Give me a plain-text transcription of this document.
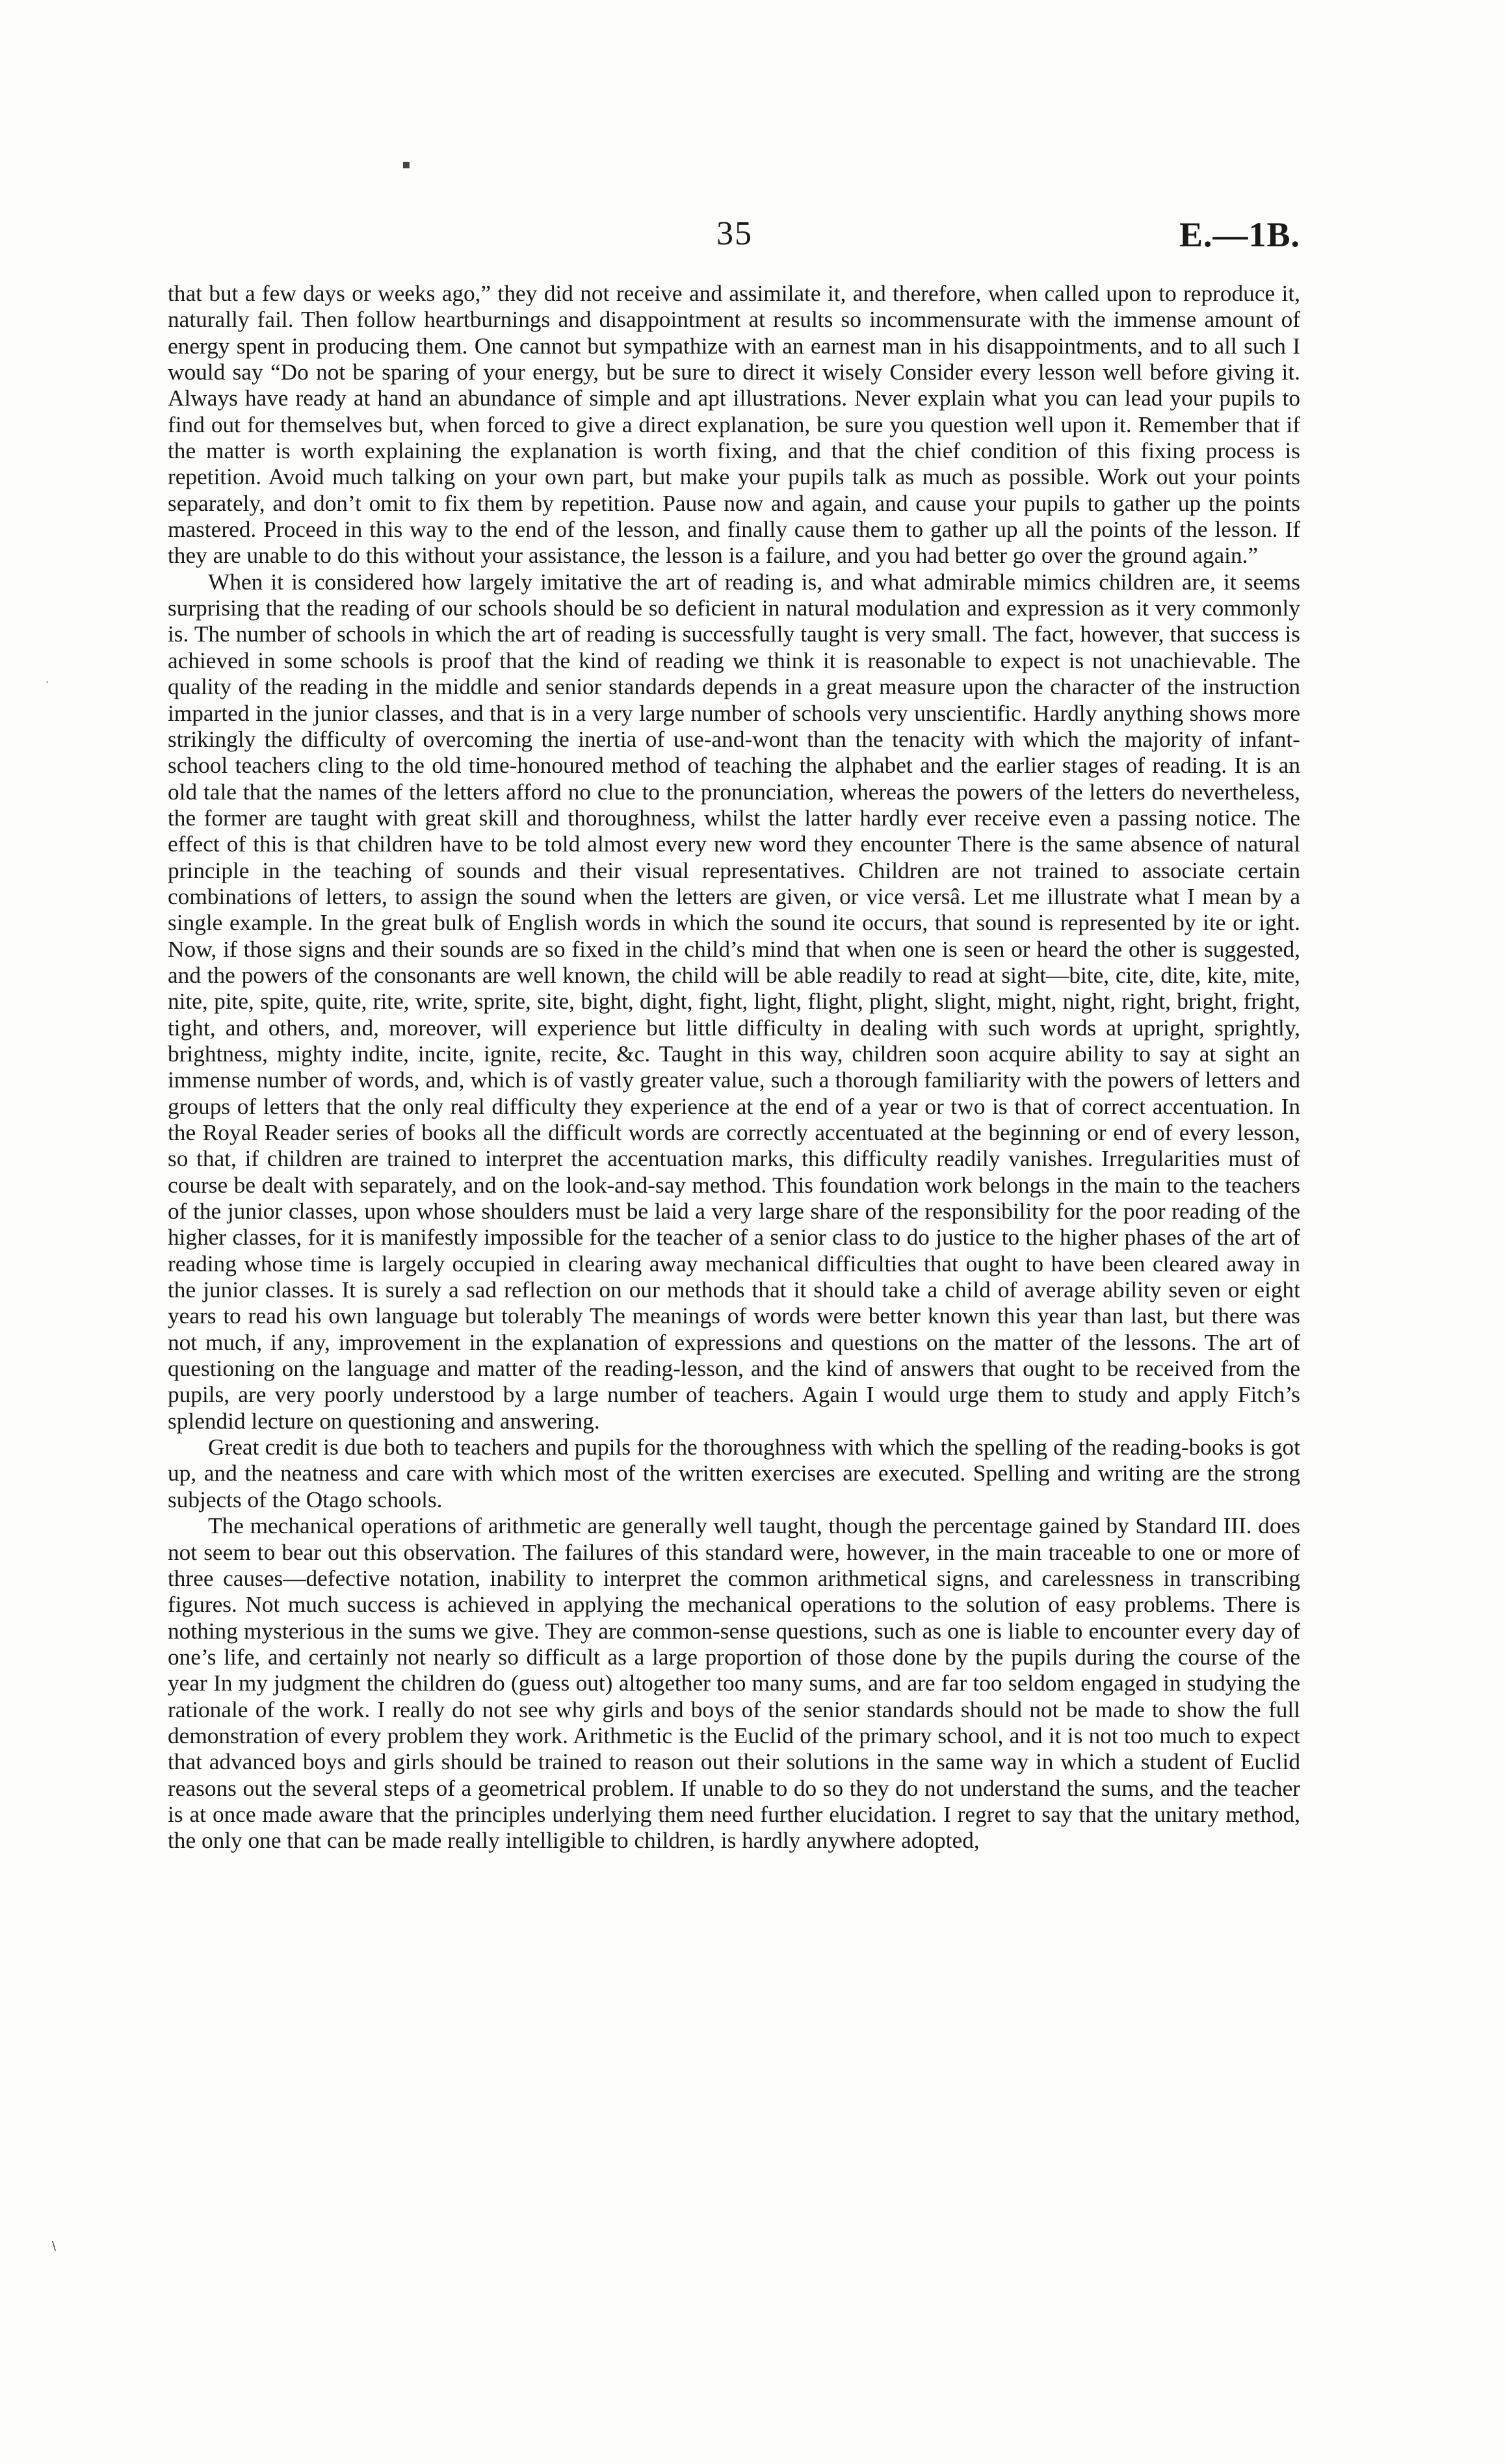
▪
·
\
35	E.—1B.

that but a few days or weeks ago,” they did not receive and assimilate it, and therefore, when called upon to reproduce it, naturally fail. Then follow heartburnings and disappointment at results so incommensurate with the immense amount of energy spent in producing them. One cannot but sympathize with an earnest man in his disappointments, and to all such I would say “Do not be sparing of your energy, but be sure to direct it wisely Consider every lesson well before giving it. Always have ready at hand an abundance of simple and apt illustrations. Never explain what you can lead your pupils to find out for themselves but, when forced to give a direct explanation, be sure you question well upon it. Remember that if the matter is worth explaining the explanation is worth fixing, and that the chief condition of this fixing process is repetition. Avoid much talking on your own part, but make your pupils talk as much as possible. Work out your points separately, and don’t omit to fix them by repetition. Pause now and again, and cause your pupils to gather up the points mastered. Proceed in this way to the end of the lesson, and finally cause them to gather up all the points of the lesson. If they are unable to do this without your assistance, the lesson is a failure, and you had better go over the ground again.”

When it is considered how largely imitative the art of reading is, and what admirable mimics children are, it seems surprising that the reading of our schools should be so deficient in natural modulation and expression as it very commonly is. The number of schools in which the art of reading is successfully taught is very small. The fact, however, that success is achieved in some schools is proof that the kind of reading we think it is reasonable to expect is not unachievable. The quality of the reading in the middle and senior standards depends in a great measure upon the character of the instruction imparted in the junior classes, and that is in a very large number of schools very unscientific. Hardly anything shows more strikingly the difficulty of overcoming the inertia of use-and-wont than the tenacity with which the majority of infant-school teachers cling to the old time-honoured method of teaching the alphabet and the earlier stages of reading. It is an old tale that the names of the letters afford no clue to the pronunciation, whereas the powers of the letters do nevertheless, the former are taught with great skill and thoroughness, whilst the latter hardly ever receive even a passing notice. The effect of this is that children have to be told almost every new word they encounter There is the same absence of natural principle in the teaching of sounds and their visual representatives. Children are not trained to associate certain combinations of letters, to assign the sound when the letters are given, or vice versâ. Let me illustrate what I mean by a single example. In the great bulk of English words in which the sound ite occurs, that sound is represented by ite or ight. Now, if those signs and their sounds are so fixed in the child’s mind that when one is seen or heard the other is suggested, and the powers of the consonants are well known, the child will be able readily to read at sight—bite, cite, dite, kite, mite, nite, pite, spite, quite, rite, write, sprite, site, bight, dight, fight, light, flight, plight, slight, might, night, right, bright, fright, tight, and others, and, moreover, will experience but little difficulty in dealing with such words at upright, sprightly, brightness, mighty indite, incite, ignite, recite, &c. Taught in this way, children soon acquire ability to say at sight an immense number of words, and, which is of vastly greater value, such a thorough familiarity with the powers of letters and groups of letters that the only real difficulty they experience at the end of a year or two is that of correct accentuation. In the Royal Reader series of books all the difficult words are correctly accentuated at the beginning or end of every lesson, so that, if children are trained to interpret the accentuation marks, this difficulty readily vanishes. Irregularities must of course be dealt with separately, and on the look-and-say method. This foundation work belongs in the main to the teachers of the junior classes, upon whose shoulders must be laid a very large share of the responsibility for the poor reading of the higher classes, for it is manifestly impossible for the teacher of a senior class to do justice to the higher phases of the art of reading whose time is largely occupied in clearing away mechanical difficulties that ought to have been cleared away in the junior classes. It is surely a sad reflection on our methods that it should take a child of average ability seven or eight years to read his own language but tolerably The meanings of words were better known this year than last, but there was not much, if any, improvement in the explanation of expressions and questions on the matter of the lessons. The art of questioning on the language and matter of the reading-lesson, and the kind of answers that ought to be received from the pupils, are very poorly understood by a large number of teachers. Again I would urge them to study and apply Fitch’s splendid lecture on questioning and answering.

Great credit is due both to teachers and pupils for the thoroughness with which the spelling of the reading-books is got up, and the neatness and care with which most of the written exercises are executed. Spelling and writing are the strong subjects of the Otago schools.

The mechanical operations of arithmetic are generally well taught, though the percentage gained by Standard III. does not seem to bear out this observation. The failures of this standard were, however, in the main traceable to one or more of three causes—defective notation, inability to interpret the common arithmetical signs, and carelessness in transcribing figures. Not much success is achieved in applying the mechanical operations to the solution of easy problems. There is nothing mysterious in the sums we give. They are common-sense questions, such as one is liable to encounter every day of one’s life, and certainly not nearly so difficult as a large proportion of those done by the pupils during the course of the year In my judgment the children do (guess out) altogether too many sums, and are far too seldom engaged in studying the rationale of the work. I really do not see why girls and boys of the senior standards should not be made to show the full demonstration of every problem they work. Arithmetic is the Euclid of the primary school, and it is not too much to expect that advanced boys and girls should be trained to reason out their solutions in the same way in which a student of Euclid reasons out the several steps of a geometrical problem. If unable to do so they do not understand the sums, and the teacher is at once made aware that the principles underlying them need further elucidation. I regret to say that the unitary method, the only one that can be made really intelligible to children, is hardly anywhere adopted,
